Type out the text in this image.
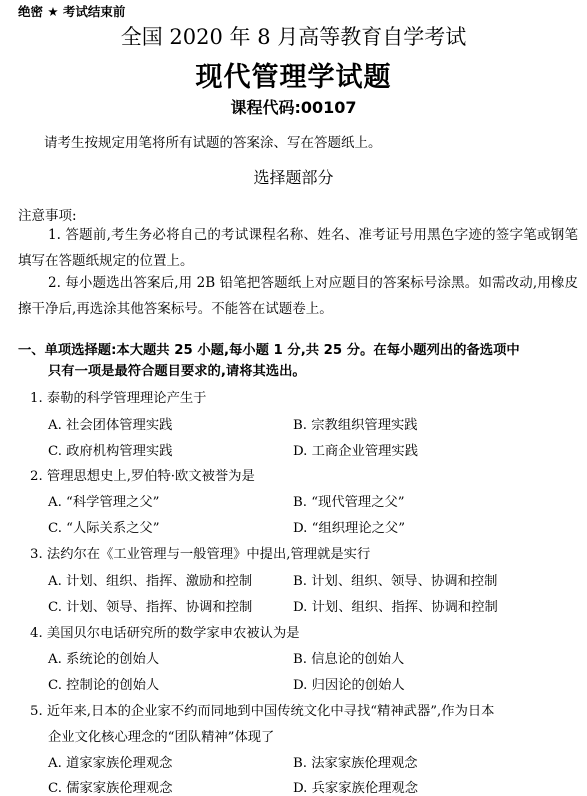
绝密 ★ 考试结束前
全国 2020 年 8 月高等教育自学考试
现代管理学试题
课程代码:00107
请考生按规定用笔将所有试题的答案涂、写在答题纸上。
选择题部分
注意事项:
1. 答题前,考生务必将自己的考试课程名称、姓名、准考证号用黑色字迹的签字笔或钢笔填写在答题纸规定的位置上。
2. 每小题选出答案后,用 2B 铅笔把答题纸上对应题目的答案标号涂黑。如需改动,用橡皮擦干净后,再选涂其他答案标号。不能答在试题卷上。
一、单项选择题:本大题共 25 小题,每小题 1 分,共 25 分。在每小题列出的备选项中
只有一项是最符合题目要求的,请将其选出。
1. 泰勒的科学管理理论产生于
A. 社会团体管理实践	B. 宗教组织管理实践
C. 政府机构管理实践	D. 工商企业管理实践
2. 管理思想史上,罗伯特·欧文被誉为是
A. “科学管理之父”	B. “现代管理之父”
C. “人际关系之父”	D. “组织理论之父”
3. 法约尔在《工业管理与一般管理》中提出,管理就是实行
A. 计划、组织、指挥、激励和控制	B. 计划、组织、领导、协调和控制
C. 计划、领导、指挥、协调和控制	D. 计划、组织、指挥、协调和控制
4. 美国贝尔电话研究所的数学家申农被认为是
A. 系统论的创始人	B. 信息论的创始人
C. 控制论的创始人	D. 归因论的创始人
5. 近年来,日本的企业家不约而同地到中国传统文化中寻找“精神武器”,作为日本
企业文化核心理念的“团队精神”体现了
A. 道家家族伦理观念	B. 法家家族伦理观念
C. 儒家家族伦理观念	D. 兵家家族伦理观念
